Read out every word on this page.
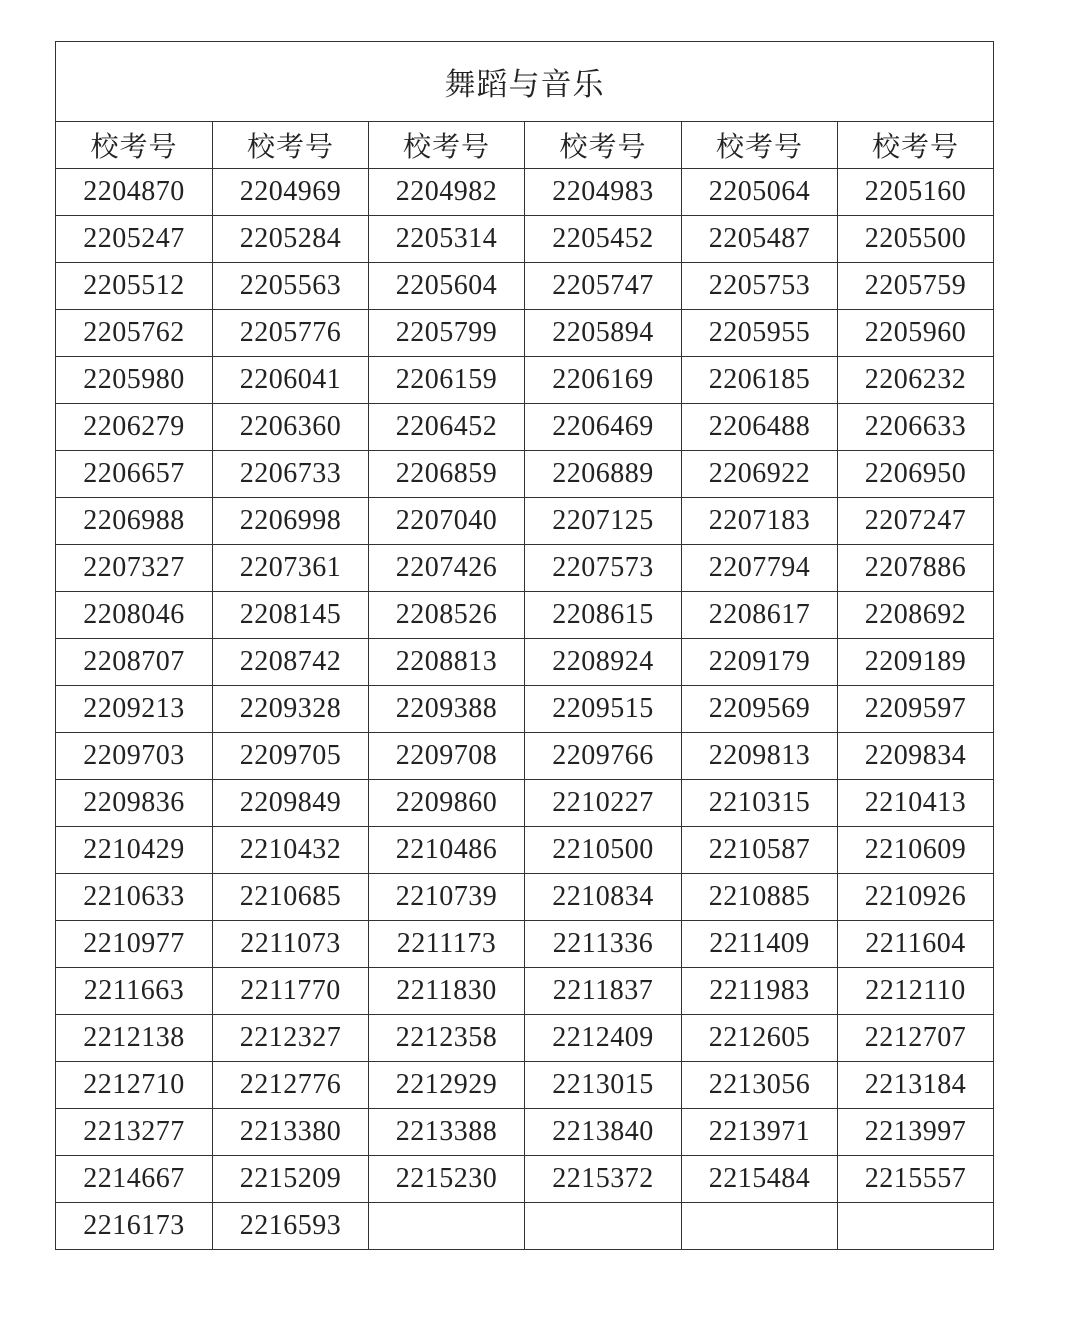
舞蹈与音乐					
校考号	校考号	校考号	校考号	校考号	校考号
2204870	2204969	2204982	2204983	2205064	2205160
2205247	2205284	2205314	2205452	2205487	2205500
2205512	2205563	2205604	2205747	2205753	2205759
2205762	2205776	2205799	2205894	2205955	2205960
2205980	2206041	2206159	2206169	2206185	2206232
2206279	2206360	2206452	2206469	2206488	2206633
2206657	2206733	2206859	2206889	2206922	2206950
2206988	2206998	2207040	2207125	2207183	2207247
2207327	2207361	2207426	2207573	2207794	2207886
2208046	2208145	2208526	2208615	2208617	2208692
2208707	2208742	2208813	2208924	2209179	2209189
2209213	2209328	2209388	2209515	2209569	2209597
2209703	2209705	2209708	2209766	2209813	2209834
2209836	2209849	2209860	2210227	2210315	2210413
2210429	2210432	2210486	2210500	2210587	2210609
2210633	2210685	2210739	2210834	2210885	2210926
2210977	2211073	2211173	2211336	2211409	2211604
2211663	2211770	2211830	2211837	2211983	2212110
2212138	2212327	2212358	2212409	2212605	2212707
2212710	2212776	2212929	2213015	2213056	2213184
2213277	2213380	2213388	2213840	2213971	2213997
2214667	2215209	2215230	2215372	2215484	2215557
2216173	2216593				
